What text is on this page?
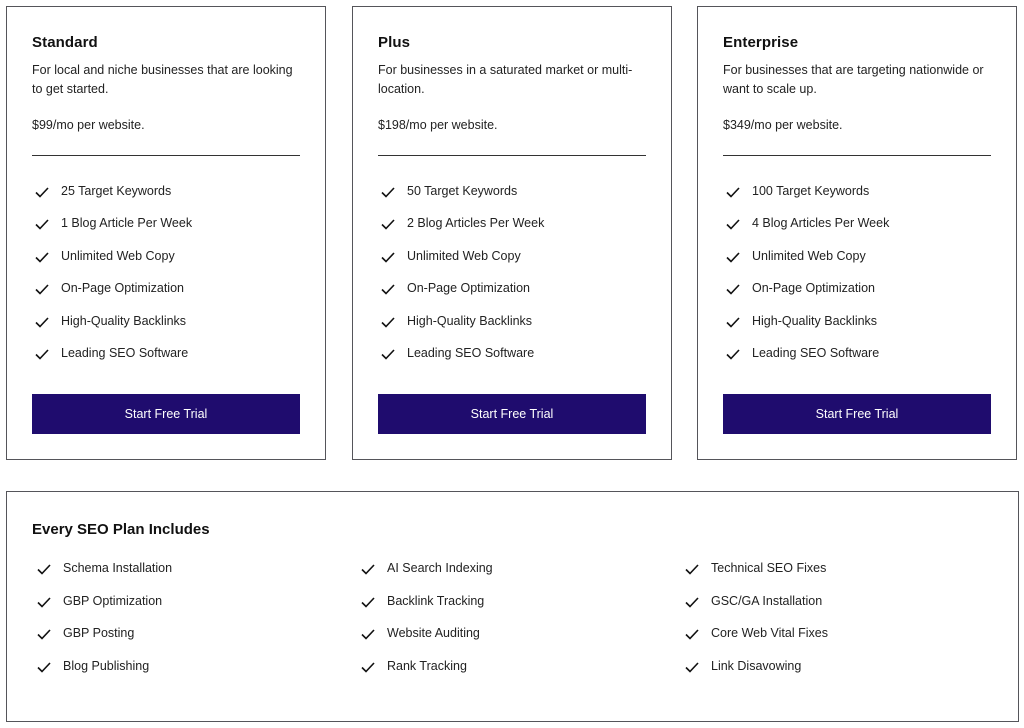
Standard
For local and niche businesses that are looking to get started.
$99/mo per website.
25 Target Keywords
1 Blog Article Per Week
Unlimited Web Copy
On-Page Optimization
High-Quality Backlinks
Leading SEO Software
Start Free Trial
Plus
For businesses in a saturated market or multi-location.
$198/mo per website.
50 Target Keywords
2 Blog Articles Per Week
Unlimited Web Copy
On-Page Optimization
High-Quality Backlinks
Leading SEO Software
Start Free Trial
Enterprise
For businesses that are targeting nationwide or want to scale up.
$349/mo per website.
100 Target Keywords
4 Blog Articles Per Week
Unlimited Web Copy
On-Page Optimization
High-Quality Backlinks
Leading SEO Software
Start Free Trial
Every SEO Plan Includes
Schema Installation
GBP Optimization
GBP Posting
Blog Publishing
AI Search Indexing
Backlink Tracking
Website Auditing
Rank Tracking
Technical SEO Fixes
GSC/GA Installation
Core Web Vital Fixes
Link Disavowing
